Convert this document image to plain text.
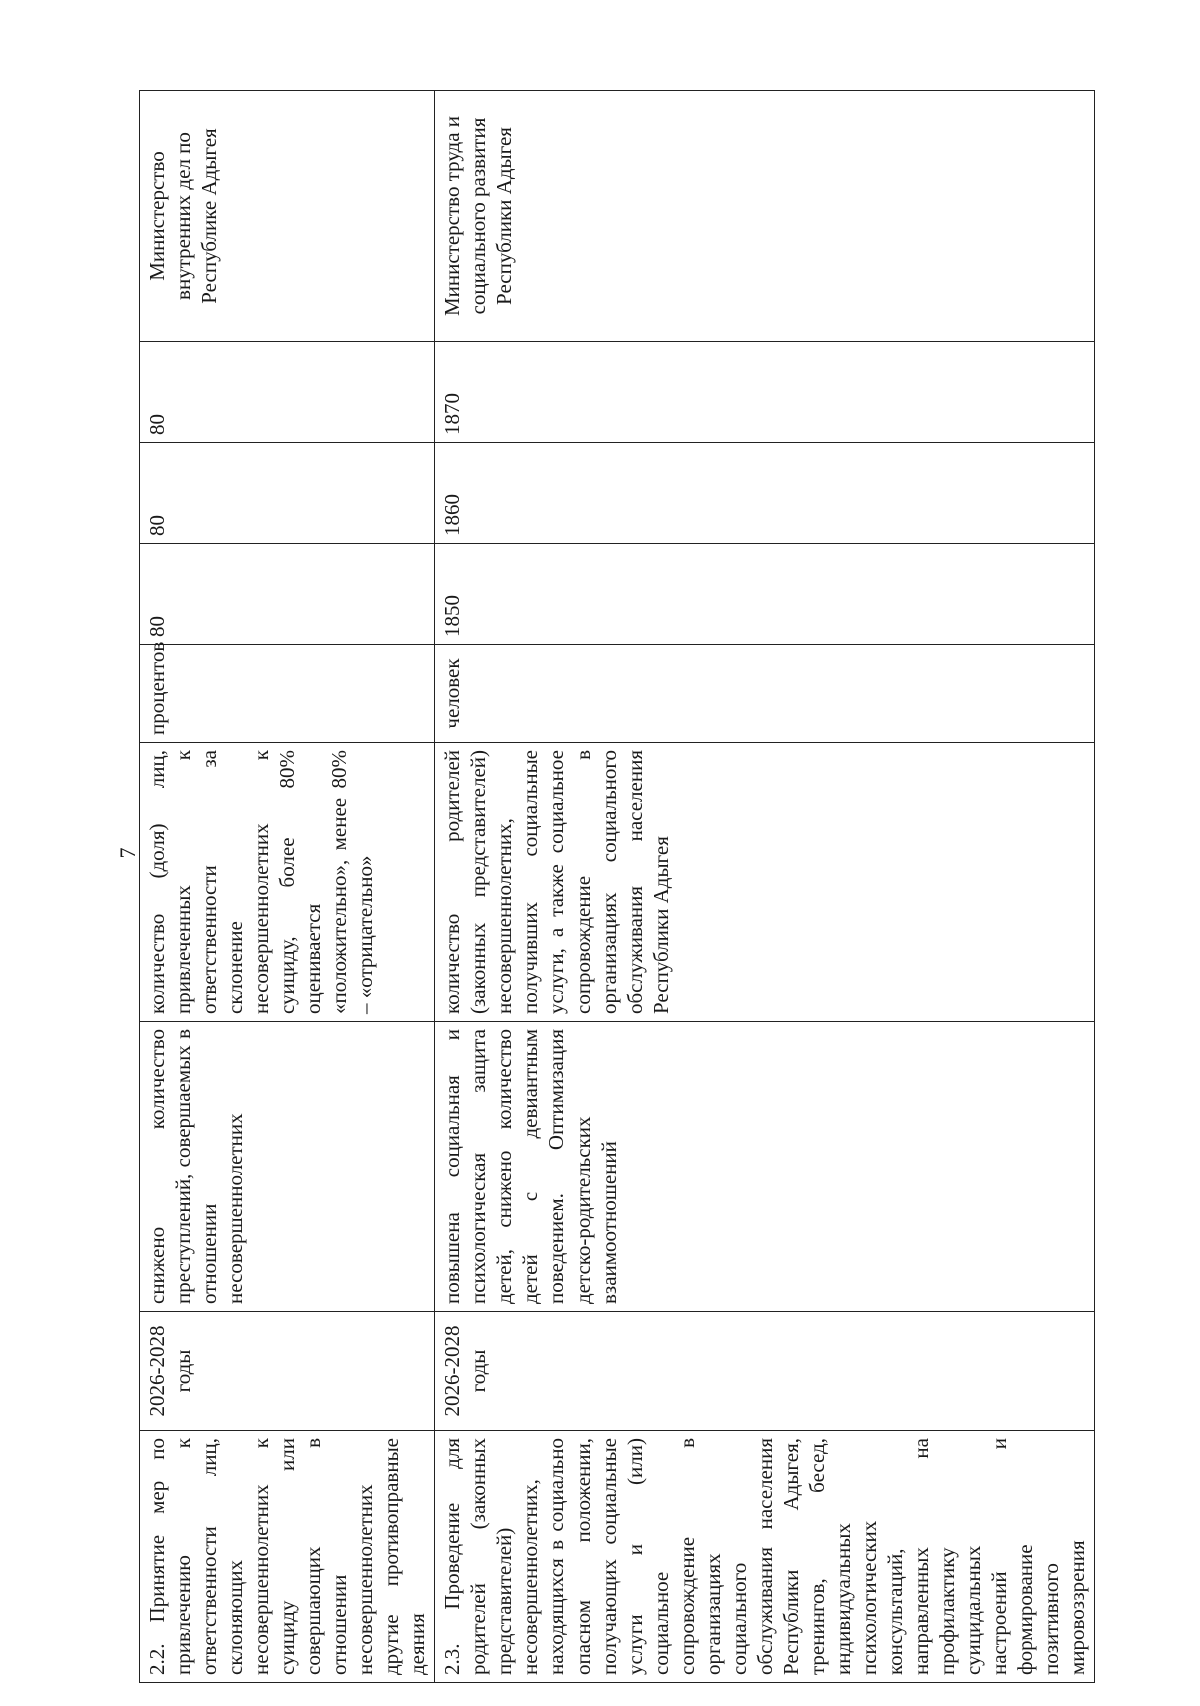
7
2.2. Принятие мер по привлечению к ответственности лиц, склоняющих несовершеннолетних к суициду или совершающих в отношении несовершеннолетних другие противоправные деяния	2026-2028 годы	снижено количество преступлений, совершаемых в отношении несовершеннолетних	количество (доля) лиц, привлеченных к ответственности за склонение несовершеннолетних к суициду, более 80% оценивается «положительно», менее 80% – «отрицательно»	процентов	80	80	80	Министерство внутренних дел по Республике Адыгея
2.3. Проведение для родителей (законных представителей) несовершеннолетних, находящихся в социально опасном положении, получающих социальные услуги и (или) социальное сопровождение в организациях социального обслуживания населения Республики Адыгея, тренингов, бесед, индивидуальных психологических консультаций, направленных на профилактику суицидальных настроений и формирование позитивного мировоззрения	2026-2028 годы	повышена социальная и психологическая защита детей, снижено количество детей с девиантным поведением. Оптимизация детско-родительских взаимоотношений	количество родителей (законных представителей) несовершеннолетних, получивших социальные услуги, а также социальное сопровождение в организациях социального обслуживания населения Республики Адыгея	человек	1850	1860	1870	Министерство труда и социального развития Республики Адыгея
